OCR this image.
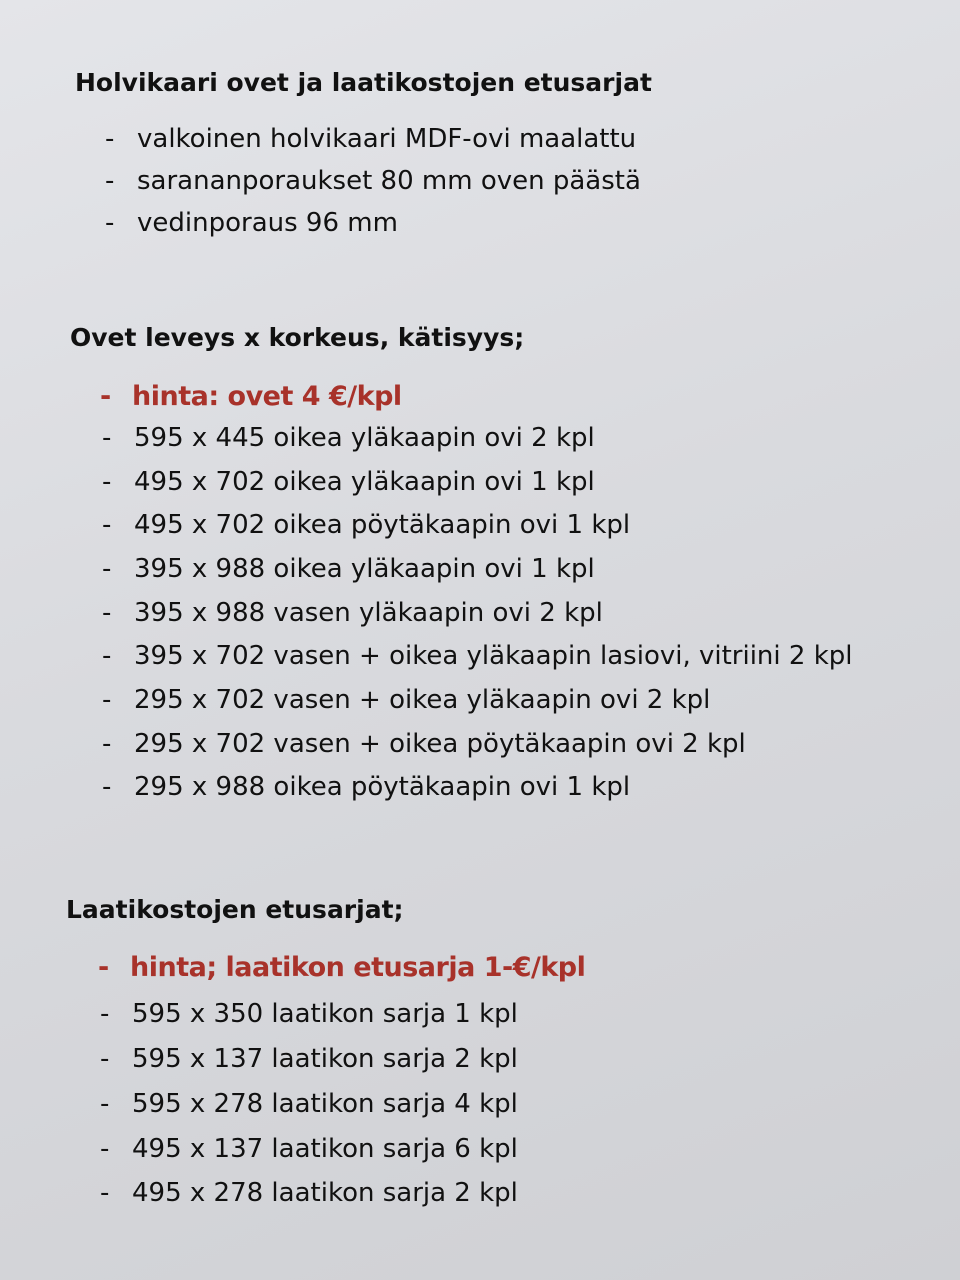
Holvikaari ovet ja laatikostojen etusarjat
- valkoinen holvikaari MDF-ovi maalattu
- sarananporaukset 80 mm oven päästä
- vedinporaus 96 mm
Ovet leveys x korkeus, kätisyys;
- hinta: ovet 4 €/kpl
- 595 x 445 oikea yläkaapin ovi 2 kpl
- 495 x 702 oikea yläkaapin ovi 1 kpl
- 495 x 702 oikea pöytäkaapin ovi 1 kpl
- 395 x 988 oikea yläkaapin ovi 1 kpl
- 395 x 988 vasen yläkaapin ovi 2 kpl
- 395 x 702 vasen + oikea yläkaapin lasiovi, vitriini 2 kpl
- 295 x 702 vasen + oikea yläkaapin ovi 2 kpl
- 295 x 702 vasen + oikea pöytäkaapin ovi 2 kpl
- 295 x 988 oikea pöytäkaapin ovi 1 kpl
Laatikostojen etusarjat;
- hinta; laatikon etusarja 1-€/kpl
- 595 x 350 laatikon sarja 1 kpl
- 595 x 137 laatikon sarja 2 kpl
- 595 x 278 laatikon sarja 4 kpl
- 495 x 137 laatikon sarja 6 kpl
- 495 x 278 laatikon sarja 2 kpl
